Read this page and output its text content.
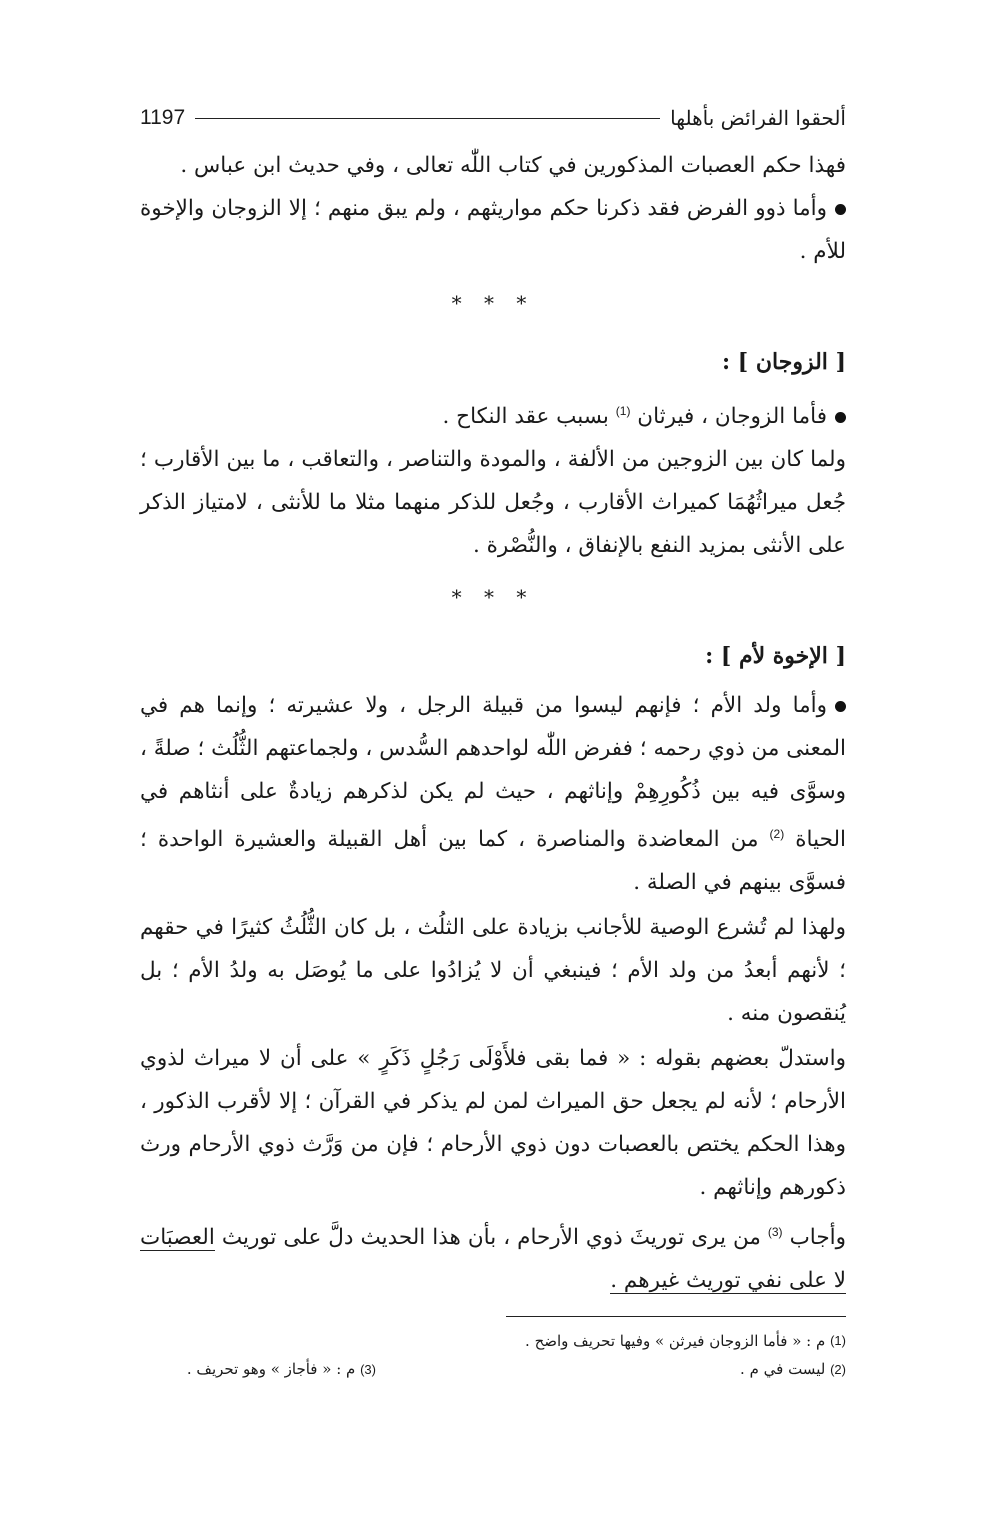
ألحقوا الفرائض بأهلها
1197

فهذا حكم العصبات المذكورين في كتاب اللّٰه تعالى ، وفي حديث ابن عباس .

وأما ذوو الفرض فقد ذكرنا حكم مواريثهم ، ولم يبق منهم ؛ إلا الزوجان والإخوة للأم .

* * *

[ الزوجان ] :

فأما الزوجان ، فيرثان $^{(1)}$ بسبب عقد النكاح .

ولما كان بين الزوجين من الألفة ، والمودة والتناصر ، والتعاقب ، ما بين الأقارب ؛ جُعل ميراثُهُمَا كميراث الأقارب ، وجُعل للذكر منهما مثلا ما للأنثى ، لامتياز الذكر على الأنثى بمزيد النفع بالإنفاق ، والنُّصْرة .

* * *

[ الإخوة لأم ] :

وأما ولد الأم ؛ فإنهم ليسوا من قبيلة الرجل ، ولا عشيرته ؛ وإنما هم في المعنى من ذوي رحمه ؛ ففرض اللّٰه لواحدهم السُّدس ، ولجماعتهم الثُّلُث ؛ صلةً ، وسوَّى فيه بين ذُكُورِهِمْ وإناثهم ، حيث لم يكن لذكرهم زيادةٌ على أنثاهم في الحياة $^{(2)}$ من المعاضدة والمناصرة ، كما بين أهل القبيلة والعشيرة الواحدة ؛ فسوَّى بينهم في الصلة .

ولهذا لم تُشرع الوصية للأجانب بزيادة على الثلُث ، بل كان الثُّلُثُ كثيرًا في حقهم ؛ لأنهم أبعدُ من ولد الأم ؛ فينبغي أن لا يُزادُوا على ما يُوصَل به ولدُ الأم ؛ بل يُنقصون منه .

واستدلّ بعضهم بقوله : « فما بقى فلأَوْلَى رَجُلٍ ذَكَرٍ » على أن لا ميراث لذوي الأرحام ؛ لأنه لم يجعل حق الميراث لمن لم يذكر في القرآن ؛ إلا لأقرب الذكور ، وهذا الحكم يختص بالعصبات دون ذوي الأرحام ؛ فإن من وَرَّث ذوي الأرحام ورث ذكورهم وإناثهم .

وأجاب $^{(3)}$ من يرى توريثَ ذوي الأرحام ، بأن هذا الحديث دلَّ على توريث العصبَات لا على نفي توريث غيرهم .

(1)

م : « فأما الزوجان فيرثن » وفيها تحريف واضح .
(2) ليست في م .
(3) م : « فأجاز » وهو تحريف .
